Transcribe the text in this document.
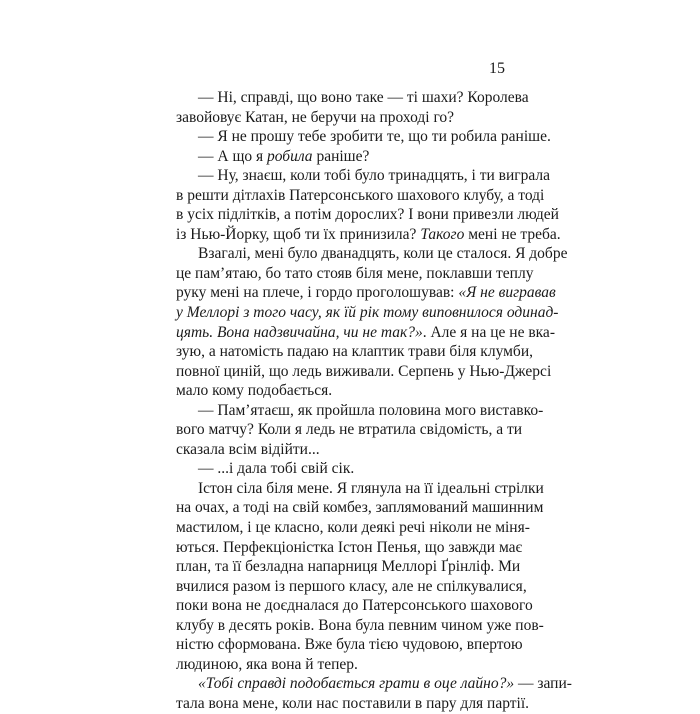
15
— Ні, справді, що воно таке — ті шахи? Королева
завойовує Катан, не беручи на проході го?
— Я не прошу тебе зробити те, що ти робила раніше.
— А що я робила раніше?
— Ну, знаєш, коли тобі було тринадцять, і ти виграла
в решти дітлахів Патерсонського шахового клубу, а тоді
в усіх підлітків, а потім дорослих? І вони привезли людей
із Нью-Йорку, щоб ти їх принизила? Такого мені не треба.
Взагалі, мені було дванадцять, коли це сталося. Я добре
це пам’ятаю, бо тато стояв біля мене, поклавши теплу
руку мені на плече, і гордо проголошував: «Я не вигравав
у Меллорі з того часу, як їй рік тому виповнилося одинад-
цять. Вона надзвичайна, чи не так?». Але я на це не вка-
зую, а натомість падаю на клаптик трави біля клумби,
повної циній, що ледь виживали. Серпень у Нью-Джерсі
мало кому подобається.
— Пам’ятаєш, як пройшла половина мого виставко-
вого матчу? Коли я ледь не втратила свідомість, а ти
сказала всім відійти...
— ...і дала тобі свій сік.
Істон сіла біля мене. Я глянула на її ідеальні стрілки
на очах, а тоді на свій комбез, заплямований машинним
мастилом, і це класно, коли деякі речі ніколи не міня-
ються. Перфекціоністка Істон Пенья, що завжди має
план, та її безладна напарниця Меллорі Ґрінліф. Ми
вчилися разом із першого класу, але не спілкувалися,
поки вона не доєдналася до Патерсонського шахового
клубу в десять років. Вона була певним чином уже пов-
ністю сформована. Вже була тією чудовою, впертою
людиною, яка вона й тепер.
«Тобі справді подобається грати в оце лайно?» — запи-
тала вона мене, коли нас поставили в пару для партії.
